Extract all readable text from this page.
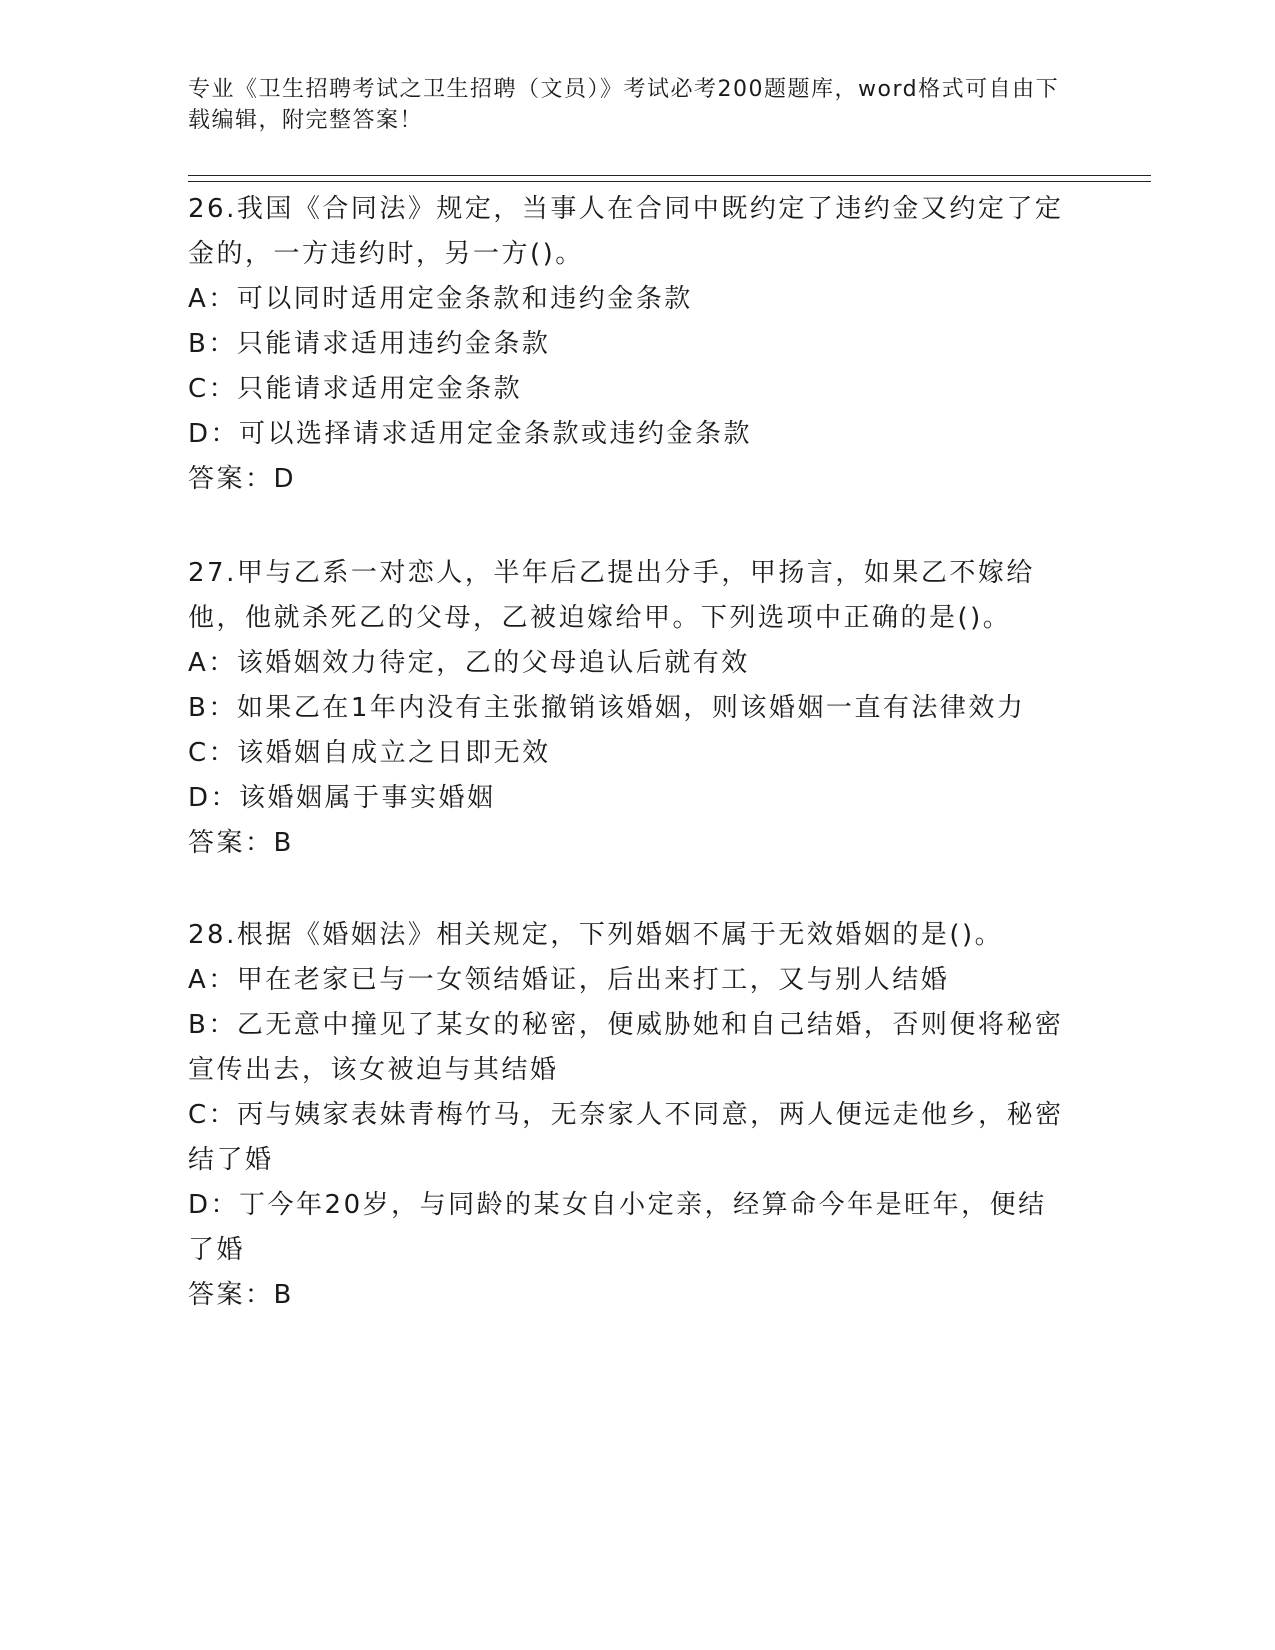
专业《卫生招聘考试之卫生招聘（文员）》考试必考200题题库，word格式可自由下载编辑，附完整答案！
26.我国《合同法》规定，当事人在合同中既约定了违约金又约定了定金的，一方违约时，另一方()。
A：可以同时适用定金条款和违约金条款
B：只能请求适用违约金条款
C：只能请求适用定金条款
D：可以选择请求适用定金条款或违约金条款
答案：D
27.甲与乙系一对恋人，半年后乙提出分手，甲扬言，如果乙不嫁给他，他就杀死乙的父母，乙被迫嫁给甲。下列选项中正确的是()。
A：该婚姻效力待定，乙的父母追认后就有效
B：如果乙在1年内没有主张撤销该婚姻，则该婚姻一直有法律效力
C：该婚姻自成立之日即无效
D：该婚姻属于事实婚姻
答案：B
28.根据《婚姻法》相关规定，下列婚姻不属于无效婚姻的是()。
A：甲在老家已与一女领结婚证，后出来打工，又与别人结婚
B：乙无意中撞见了某女的秘密，便威胁她和自己结婚，否则便将秘密宣传出去，该女被迫与其结婚
C：丙与姨家表妹青梅竹马，无奈家人不同意，两人便远走他乡，秘密结了婚
D：丁今年20岁，与同龄的某女自小定亲，经算命今年是旺年，便结了婚
答案：B
